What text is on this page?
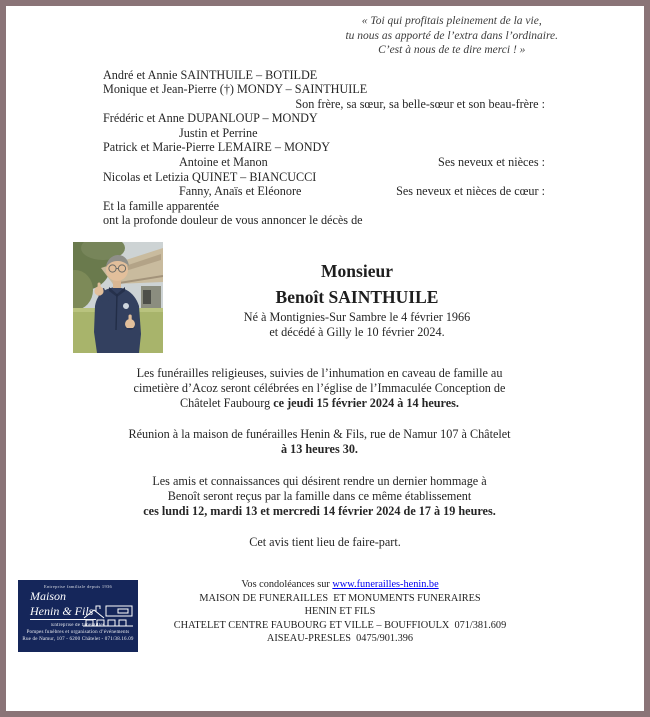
« Toi qui profitais pleinement de la vie,
tu nous as apporté de l’extra dans l’ordinaire.
C’est à nous de te dire merci ! »
André et Annie SAINTHUILE – BOTILDE
Monique et Jean-Pierre (†) MONDY – SAINTHUILE
Son frère, sa sœur, sa belle-sœur et son beau-frère :
Frédéric et Anne DUPANLOUP – MONDY
Justin et Perrine
Patrick et Marie-Pierre LEMAIRE – MONDY
Antoine et Manon	Ses neveux et nièces :
Nicolas et Letizia QUINET – BIANCUCCI
Fanny, Anaïs et Eléonore	Ses neveux et nièces de cœur :
Et la famille apparentée
ont la profonde douleur de vous annoncer le décès de
Monsieur
Benoît SAINTHUILE
Né à Montignies-Sur Sambre le 4 février 1966
et décédé à Gilly le 10 février 2024.
Les funérailles religieuses, suivies de l’inhumation en caveau de famille au
cimetière d’Acoz seront célébrées en l’église de l’Immaculée Conception de
Châtelet Faubourg ce jeudi 15 février 2024 à 14 heures.
Réunion à la maison de funérailles Henin & Fils, rue de Namur 107 à Châtelet
à 13 heures 30.
Les amis et connaissances qui désirent rendre un dernier hommage à
Benoît seront reçus par la famille dans ce même établissement
ces lundi 12, mardi 13 et mercredi 14 février 2024 de 17 à 19 heures.
Cet avis tient lieu de faire-part.
Entreprise familiale depuis 1936
Maison
Henin & Fils
Entreprise de funérailles
Pompes funèbres et organisation d’événements
Rue de Namur, 107 - 6200 Châtelet - 071/38.16.09
Vos condoléances sur www.funerailles-henin.be
MAISON DE FUNERAILLES  ET MONUMENTS FUNERAIRES
HENIN ET FILS
CHATELET CENTRE FAUBOURG ET VILLE – BOUFFIOULX  071/381.609
AISEAU-PRESLES  0475/901.396
